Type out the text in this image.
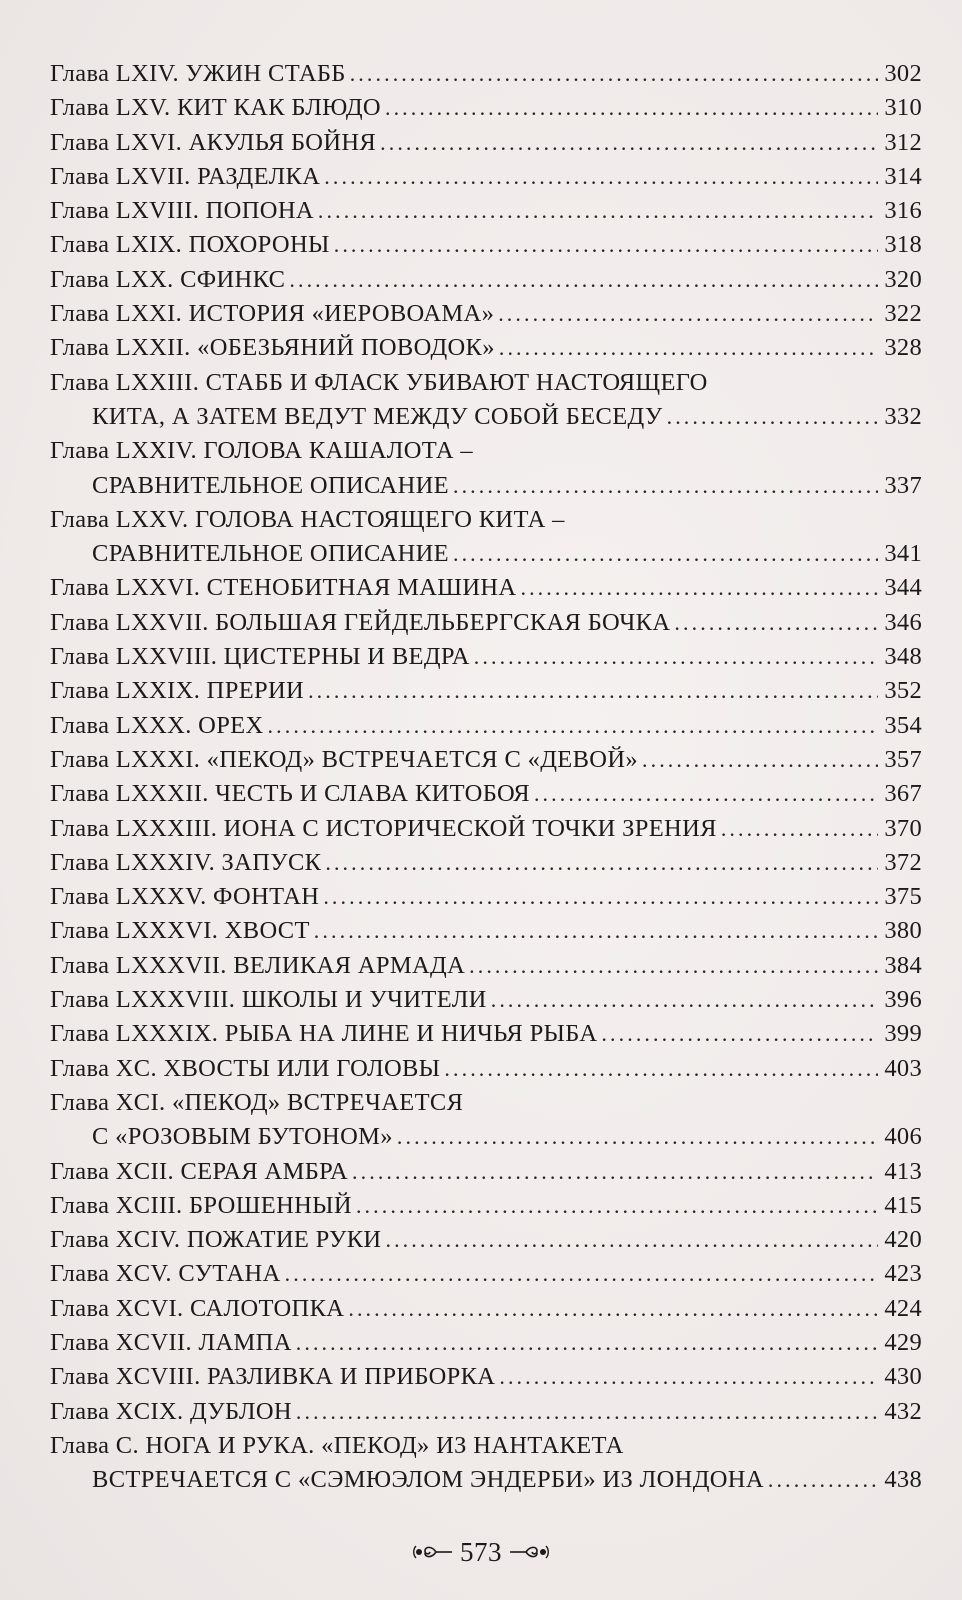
Глава LXIV. УЖИН СТАББ . . .	302
Глава LXV. КИТ КАК БЛЮДО . . .	310
Глава LXVI. АКУЛЬЯ БОЙНЯ . . .	312
Глава LXVII. РАЗДЕЛКА . . .	314
Глава LXVIII. ПОПОНА . . .	316
Глава LXIX. ПОХОРОНЫ . . .	318
Глава LXX. СФИНКС . . .	320
Глава LXXI. ИСТОРИЯ «ИЕРОВОАМА» . . .	322
Глава LXXII. «ОБЕЗЬЯНИЙ ПОВОДОК» . . .	328
Глава LXXIII. СТАББ И ФЛАСК УБИВАЮТ НАСТОЯЩЕГО
КИТА, А ЗАТЕМ ВЕДУТ МЕЖДУ СОБОЙ БЕСЕДУ . . .	332
Глава LXXIV. ГОЛОВА КАШАЛОТА –
СРАВНИТЕЛЬНОЕ ОПИСАНИЕ . . .	337
Глава LXXV. ГОЛОВА НАСТОЯЩЕГО КИТА –
СРАВНИТЕЛЬНОЕ ОПИСАНИЕ . . .	341
Глава LXXVI. СТЕНОБИТНАЯ МАШИНА . . .	344
Глава LXXVII. БОЛЬШАЯ ГЕЙДЕЛЬБЕРГСКАЯ БОЧКА . . .	346
Глава LXXVIII. ЦИСТЕРНЫ И ВЕДРА . . .	348
Глава LXXIX. ПРЕРИИ . . .	352
Глава LXXX. ОРЕХ . . .	354
Глава LXXXI. «ПЕКОД» ВСТРЕЧАЕТСЯ С «ДЕВОЙ» . . .	357
Глава LXXXII. ЧЕСТЬ И СЛАВА КИТОБОЯ . . .	367
Глава LXXXIII. ИОНА С ИСТОРИЧЕСКОЙ ТОЧКИ ЗРЕНИЯ . . .	370
Глава LXXXIV. ЗАПУСК . . .	372
Глава LXXXV. ФОНТАН . . .	375
Глава LXXXVI. ХВОСТ . . .	380
Глава LXXXVII. ВЕЛИКАЯ АРМАДА . . .	384
Глава LXXXVIII. ШКОЛЫ И УЧИТЕЛИ . . .	396
Глава LXXXIX. РЫБА НА ЛИНЕ И НИЧЬЯ РЫБА . . .	399
Глава XC. ХВОСТЫ ИЛИ ГОЛОВЫ . . .	403
Глава XCI. «ПЕКОД» ВСТРЕЧАЕТСЯ
С «РОЗОВЫМ БУТОНОМ» . . .	406
Глава XCII. СЕРАЯ АМБРА . . .	413
Глава XCIII. БРОШЕННЫЙ . . .	415
Глава XCIV. ПОЖАТИЕ РУКИ . . .	420
Глава XCV. СУТАНА . . .	423
Глава XCVI. САЛОТОПКА . . .	424
Глава XCVII. ЛАМПА . . .	429
Глава XCVIII. РАЗЛИВКА И ПРИБОРКА . . .	430
Глава XCIX. ДУБЛОН . . .	432
Глава C. НОГА И РУКА. «ПЕКОД» ИЗ НАНТАКЕТА
ВСТРЕЧАЕТСЯ С «СЭМЮЭЛОМ ЭНДЕРБИ» ИЗ ЛОНДОНА . . .	438
573
